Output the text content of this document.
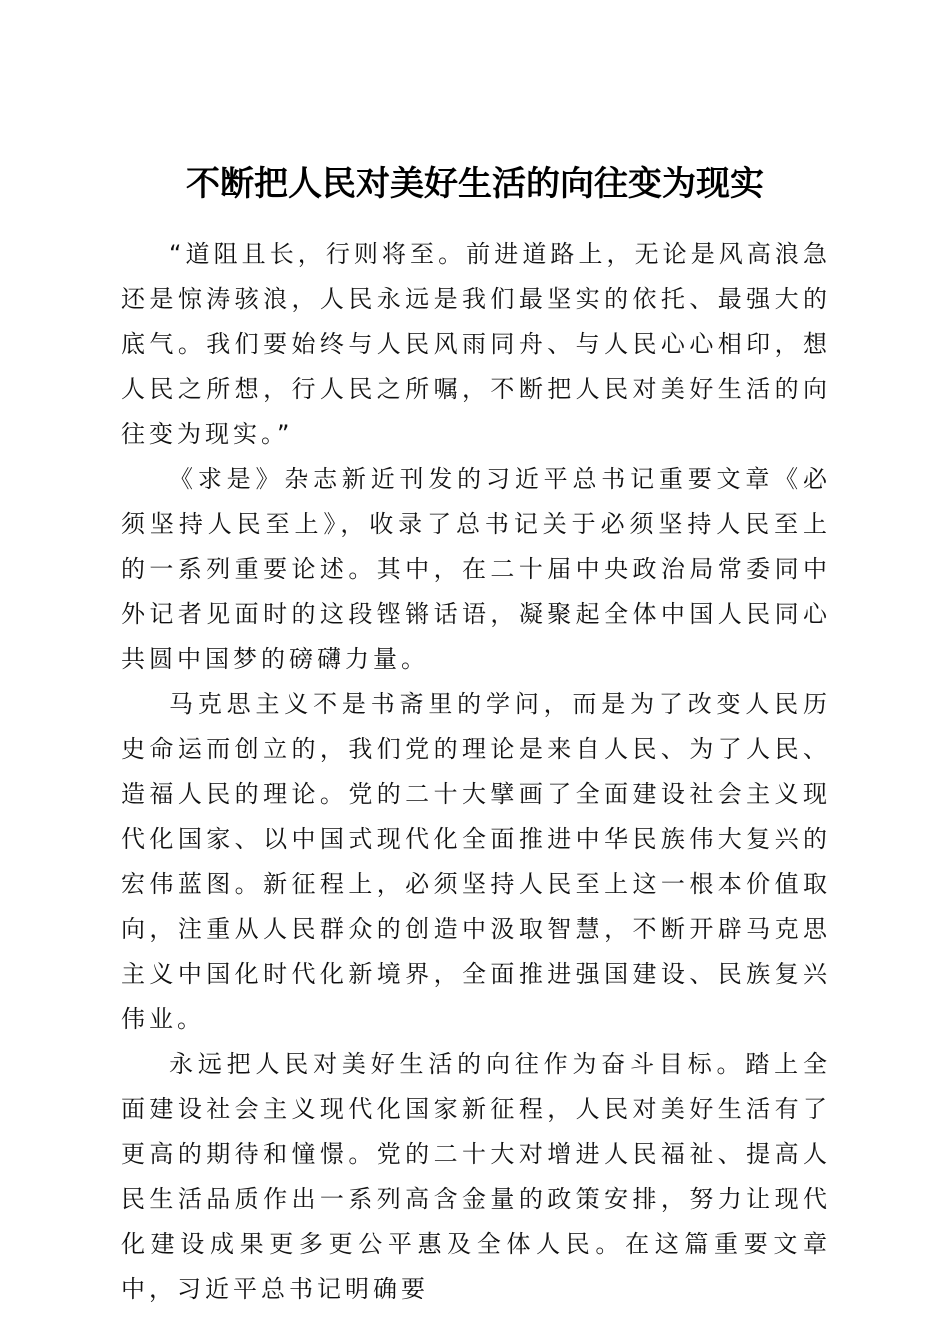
不断把人民对美好生活的向往变为现实

“道阻且长，行则将至。前进道路上，无论是风高浪急还是惊涛骇浪，人民永远是我们最坚实的依托、最强大的底气。我们要始终与人民风雨同舟、与人民心心相印，想人民之所想，行人民之所嘱，不断把人民对美好生活的向往变为现实。”

《求是》杂志新近刊发的习近平总书记重要文章《必须坚持人民至上》，收录了总书记关于必须坚持人民至上的一系列重要论述。其中，在二十届中央政治局常委同中外记者见面时的这段铿锵话语，凝聚起全体中国人民同心共圆中国梦的磅礴力量。

马克思主义不是书斋里的学问，而是为了改变人民历史命运而创立的，我们党的理论是来自人民、为了人民、造福人民的理论。党的二十大擘画了全面建设社会主义现代化国家、以中国式现代化全面推进中华民族伟大复兴的宏伟蓝图。新征程上，必须坚持人民至上这一根本价值取向，注重从人民群众的创造中汲取智慧，不断开辟马克思主义中国化时代化新境界，全面推进强国建设、民族复兴伟业。

永远把人民对美好生活的向往作为奋斗目标。踏上全面建设社会主义现代化国家新征程，人民对美好生活有了更高的期待和憧憬。党的二十大对增进人民福祉、提高人民生活品质作出一系列高含金量的政策安排，努力让现代化建设成果更多更公平惠及全体人民。在这篇重要文章中，习近平总书记明确要
